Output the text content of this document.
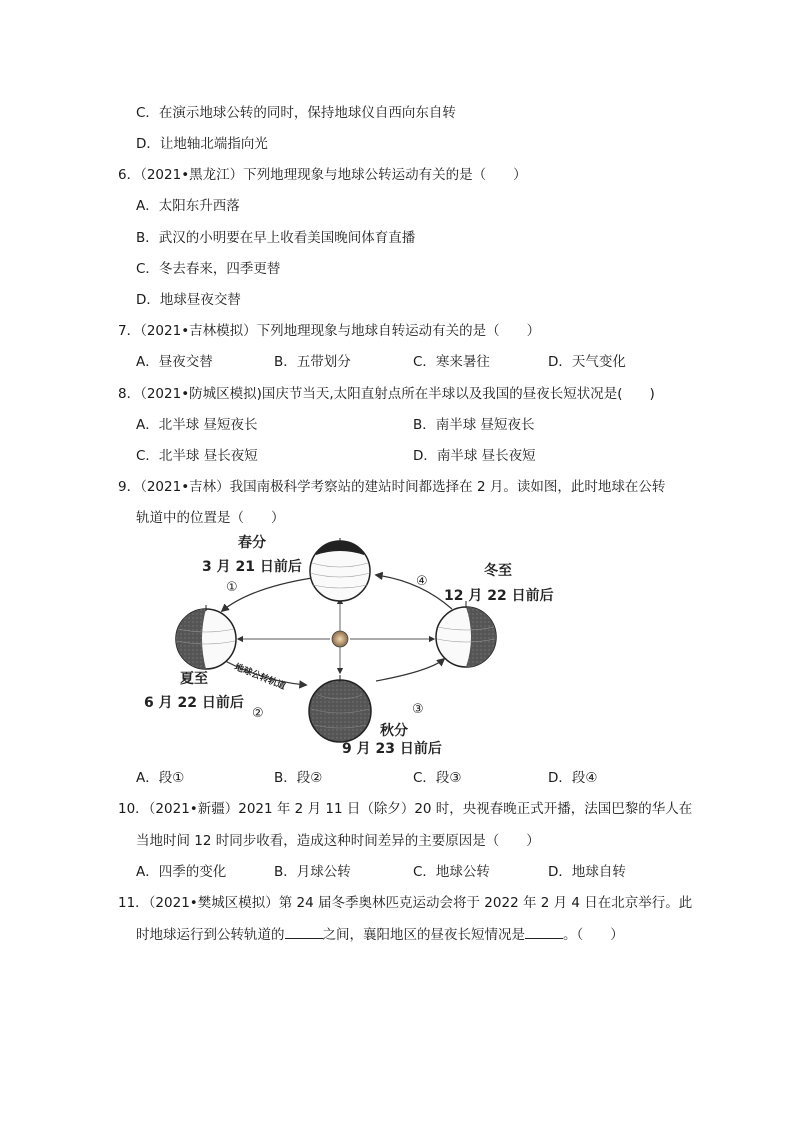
C．在演示地球公转的同时，保持地球仪自西向东自转
D．让地轴北端指向光
6．（2021•黑龙江）下列地理现象与地球公转运动有关的是（　　）
A．太阳东升西落
B．武汉的小明要在早上收看美国晚间体育直播
C．冬去春来，四季更替
D．地球昼夜交替
7．（2021•吉林模拟）下列地理现象与地球自转运动有关的是（　　）
A．昼夜交替	B．五带划分	C．寒来暑往	D．天气变化
8．（2021•防城区模拟)国庆节当天,太阳直射点所在半球以及我国的昼夜长短状况是(　　)
A．北半球 昼短夜长	B．南半球 昼短夜长
C．北半球 昼长夜短	D．南半球 昼长夜短
9．（2021•吉林）我国南极科学考察站的建站时间都选择在 2 月。读如图，此时地球在公转
轨道中的位置是（　　）
春分
3 月 21 日前后
①
冬至
④
12 月 22 日前后
夏至
6 月 22 日前后
②
地球公转轨道
③
秋分
9 月 23 日前后
A．段①	B．段②	C．段③	D．段④
10．（2021•新疆）2021 年 2 月 11 日（除夕）20 时，央视春晚正式开播，法国巴黎的华人在
当地时间 12 时同步收看，造成这种时间差异的主要原因是（　　）
A．四季的变化	B．月球公转	C．地球公转	D．地球自转
11．（2021•樊城区模拟）第 24 届冬季奥林匹克运动会将于 2022 年 2 月 4 日在北京举行。此
时地球运行到公转轨道的	之间，襄阳地区的昼夜长短情况是	。（　　）
